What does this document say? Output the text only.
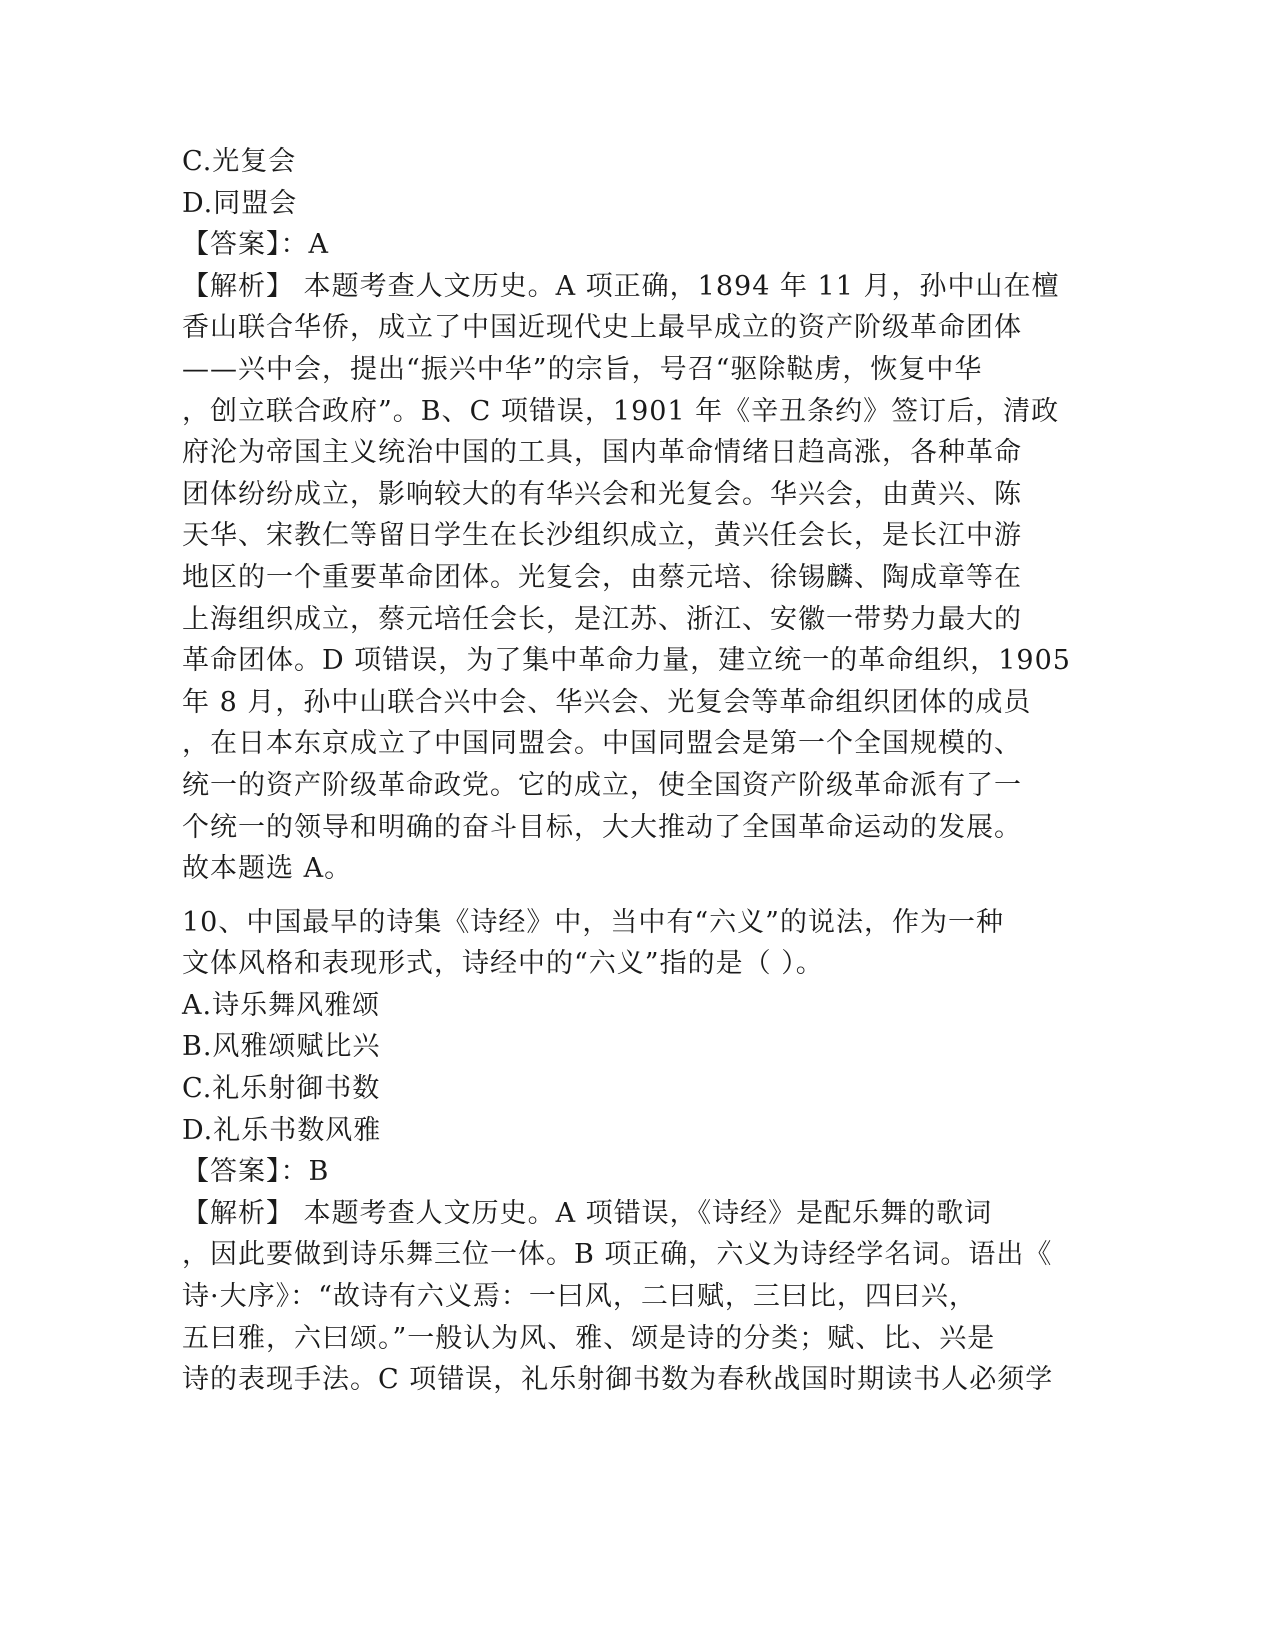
C.光复会
D.同盟会
【答案】：A
【解析】 本题考查人文历史。A 项正确，1894 年 11 月，孙中山在檀
香山联合华侨，成立了中国近现代史上最早成立的资产阶级革命团体
——兴中会，提出“振兴中华”的宗旨，号召“驱除鞑虏，恢复中华
，创立联合政府”。B、C 项错误，1901 年《辛丑条约》签订后，清政
府沦为帝国主义统治中国的工具，国内革命情绪日趋高涨，各种革命
团体纷纷成立，影响较大的有华兴会和光复会。华兴会，由黄兴、陈
天华、宋教仁等留日学生在长沙组织成立，黄兴任会长，是长江中游
地区的一个重要革命团体。光复会，由蔡元培、徐锡麟、陶成章等在
上海组织成立，蔡元培任会长，是江苏、浙江、安徽一带势力最大的
革命团体。D 项错误，为了集中革命力量，建立统一的革命组织，1905
年 8 月，孙中山联合兴中会、华兴会、光复会等革命组织团体的成员
，在日本东京成立了中国同盟会。中国同盟会是第一个全国规模的、
统一的资产阶级革命政党。它的成立，使全国资产阶级革命派有了一
个统一的领导和明确的奋斗目标，大大推动了全国革命运动的发展。
故本题选 A。
10、中国最早的诗集《诗经》中，当中有“六义”的说法，作为一种
文体风格和表现形式，诗经中的“六义”指的是（ ）。
A.诗乐舞风雅颂
B.风雅颂赋比兴
C.礼乐射御书数
D.礼乐书数风雅
【答案】：B
【解析】 本题考查人文历史。A 项错误，《诗经》是配乐舞的歌词
，因此要做到诗乐舞三位一体。B 项正确，六义为诗经学名词。语出《
诗·大序》：“故诗有六义焉：一曰风，二曰赋，三曰比，四曰兴，
五曰雅，六曰颂。”一般认为风、雅、颂是诗的分类；赋、比、兴是
诗的表现手法。C 项错误，礼乐射御书数为春秋战国时期读书人必须学
